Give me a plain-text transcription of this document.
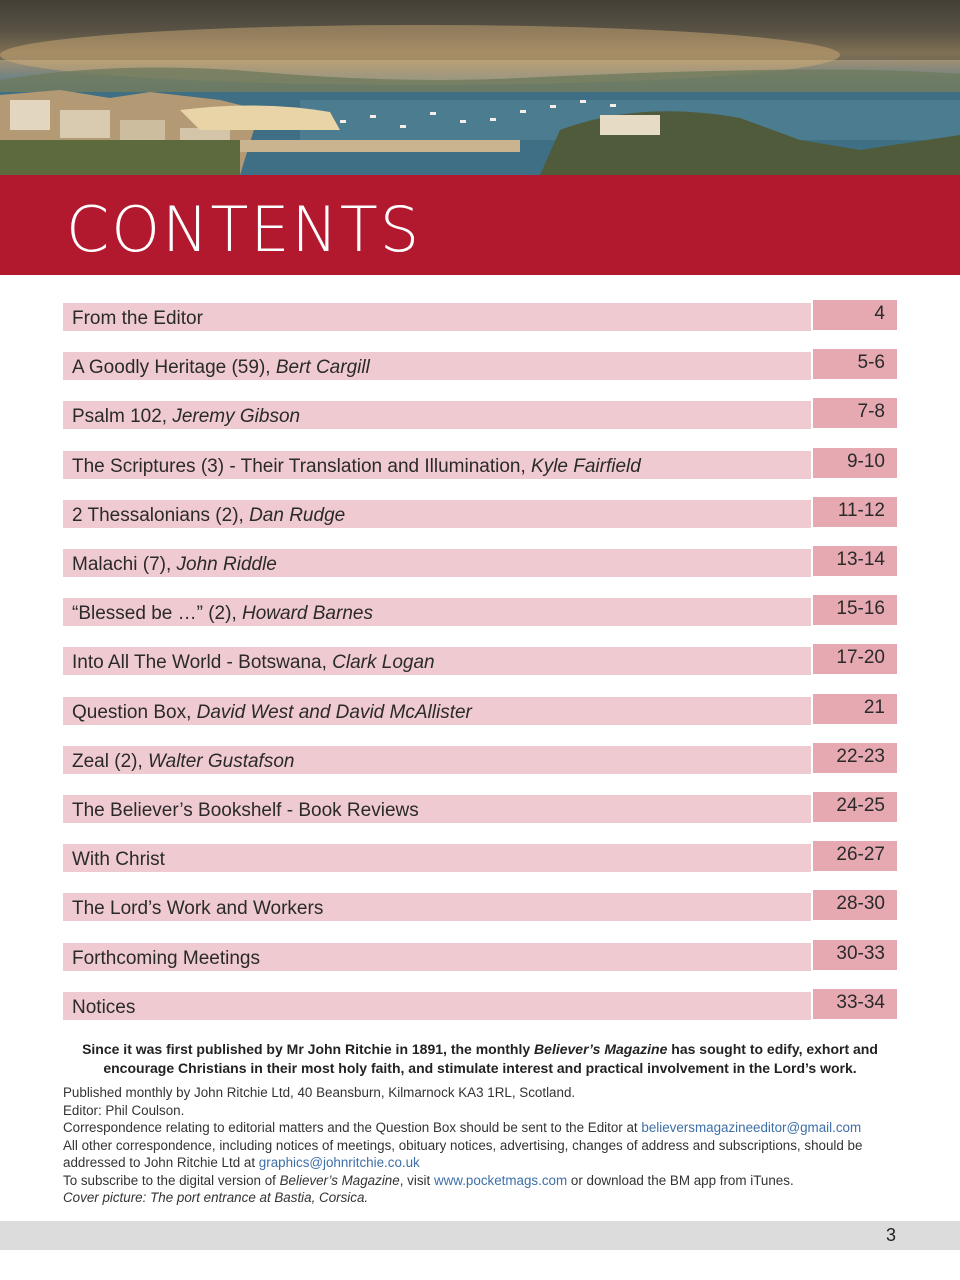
CONTENTS
From the Editor	4
A Goodly Heritage (59), Bert Cargill	5-6
Psalm 102, Jeremy Gibson	7-8
The Scriptures (3) - Their Translation and Illumination, Kyle Fairfield	9-10
2 Thessalonians (2), Dan Rudge	11-12
Malachi (7), John Riddle	13-14
“Blessed be …” (2), Howard Barnes	15-16
Into All The World - Botswana, Clark Logan	17-20
Question Box, David West and David McAllister	21
Zeal (2), Walter Gustafson	22-23
The Believer’s Bookshelf - Book Reviews	24-25
With Christ	26-27
The Lord’s Work and Workers	28-30
Forthcoming Meetings	30-33
Notices	33-34
Since it was first published by Mr John Ritchie in 1891, the monthly Believer’s Magazine has sought to edify, exhort and encourage Christians in their most holy faith, and stimulate interest and practical involvement in the Lord’s work.
Published monthly by John Ritchie Ltd, 40 Beansburn, Kilmarnock KA3 1RL, Scotland.
Editor: Phil Coulson.
Correspondence relating to editorial matters and the Question Box should be sent to the Editor at believersmagazineeditor@gmail.com
All other correspondence, including notices of meetings, obituary notices, advertising, changes of address and subscriptions, should be addressed to John Ritchie Ltd at graphics@johnritchie.co.uk
To subscribe to the digital version of Believer’s Magazine, visit www.pocketmags.com or download the BM app from iTunes.
Cover picture: The port entrance at Bastia, Corsica.
3
